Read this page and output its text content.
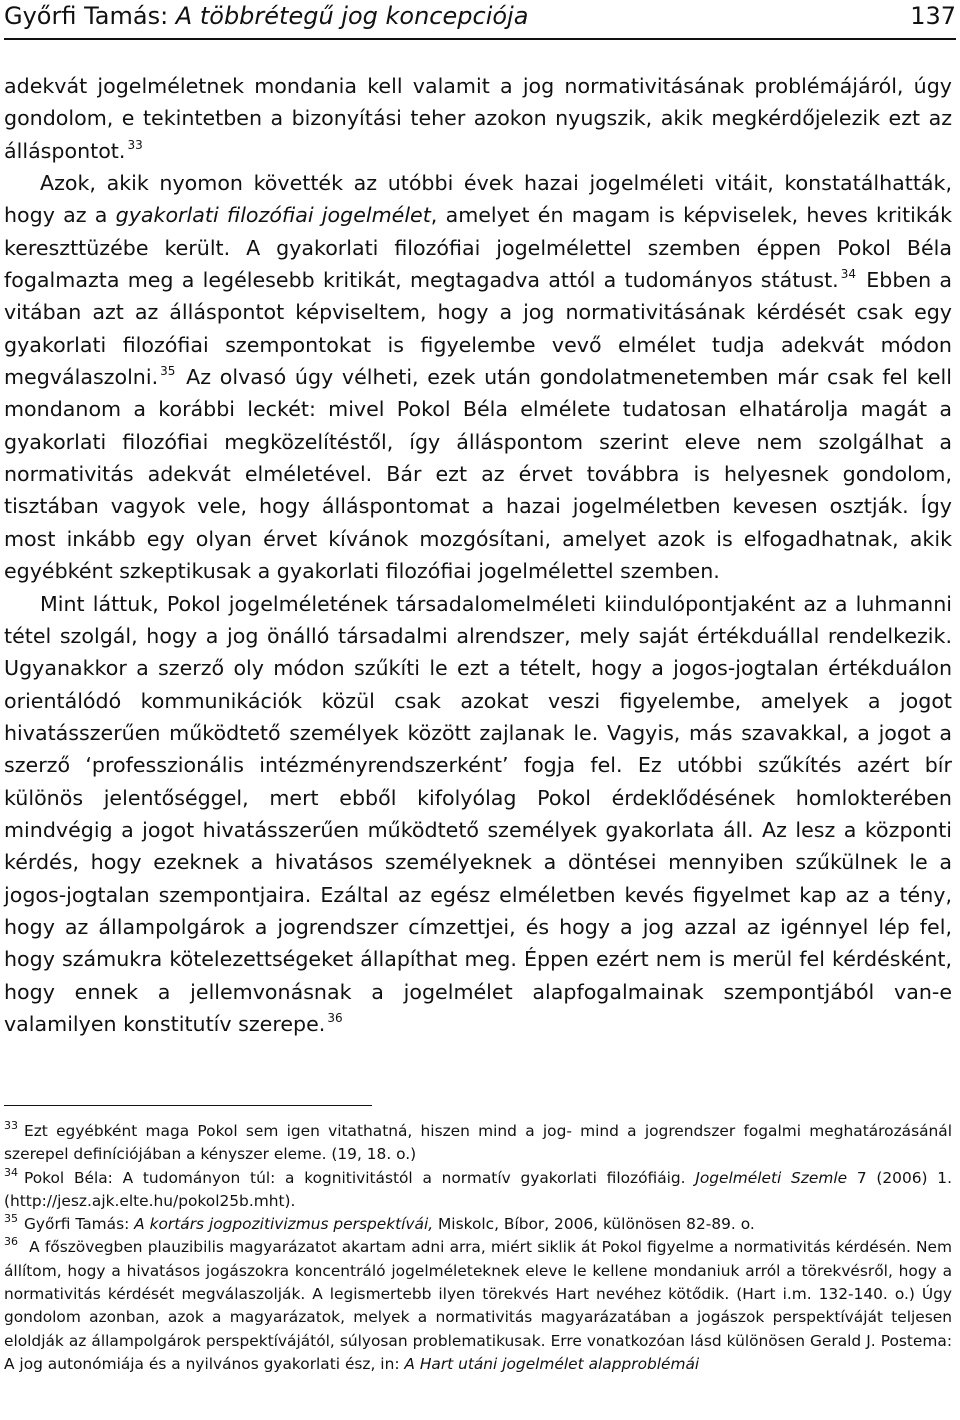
Győrfi Tamás: A többrétegű jog koncepciója	137

adekvát jogelméletnek mondania kell valamit a jog normativitásának problémájáról, úgy gondolom, e tekintetben a bizonyítási teher azokon nyugszik, akik megkérdőjelezik ezt az álláspontot. $^{33}$

Azok, akik nyomon követték az utóbbi évek hazai jogelméleti vitáit, konstatálhatták, hogy az a gyakorlati filozófiai jogelmélet, amelyet én magam is képviselek, heves kritikák kereszttüzébe került. A gyakorlati filozófiai jogelmélettel szemben éppen Pokol Béla fogalmazta meg a legélesebb kritikát, megtagadva attól a tudományos státust. $^{34}$ Ebben a vitában azt az álláspontot képviseltem, hogy a jog normativitásának kérdését csak egy gyakorlati filozófiai szempontokat is figyelembe vevő elmélet tudja adekvát módon megválaszolni. $^{35}$ Az olvasó úgy vélheti, ezek után gondolatmenetemben már csak fel kell mondanom a korábbi leckét: mivel Pokol Béla elmélete tudatosan elhatárolja magát a gyakorlati filozófiai megközelítéstől, így álláspontom szerint eleve nem szolgálhat a normativitás adekvát elméletével. Bár ezt az érvet továbbra is helyesnek gondolom, tisztában vagyok vele, hogy álláspontomat a hazai jogelméletben kevesen osztják. Így most inkább egy olyan érvet kívánok mozgósítani, amelyet azok is elfogadhatnak, akik egyébként szkeptikusak a gyakorlati filozófiai jogelmélettel szemben.

Mint láttuk, Pokol jogelméletének társadalomelméleti kiindulópontjaként az a luhmanni tétel szolgál, hogy a jog önálló társadalmi alrendszer, mely saját értékduállal rendelkezik. Ugyanakkor a szerző oly módon szűkíti le ezt a tételt, hogy a jogos-jogtalan értékduálon orientálódó kommunikációk közül csak azokat veszi figyelembe, amelyek a jogot hivatásszerűen működtető személyek között zajlanak le. Vagyis, más szavakkal, a jogot a szerző ‘professzionális intézményrendszerként’ fogja fel. Ez utóbbi szűkítés azért bír különös jelentőséggel, mert ebből kifolyólag Pokol érdeklődésének homlokterében mindvégig a jogot hivatásszerűen működtető személyek gyakorlata áll. Az lesz a központi kérdés, hogy ezeknek a hivatásos személyeknek a döntései mennyiben szűkülnek le a jogos-jogtalan szempontjaira. Ezáltal az egész elméletben kevés figyelmet kap az a tény, hogy az állampolgárok a jogrendszer címzettjei, és hogy a jog azzal az igénnyel lép fel, hogy számukra kötelezettségeket állapíthat meg. Éppen ezért nem is merül fel kérdésként, hogy ennek a jellemvonásnak a jogelmélet alapfogalmainak szempontjából van-e valamilyen konstitutív szerepe. $^{36}$

33 Ezt egyébként maga Pokol sem igen vitathatná, hiszen mind a jog- mind a jogrendszer fogalmi meghatározásánál szerepel definíciójában a kényszer eleme. (19, 18. o.)

34 Pokol Béla: A tudományon túl: a kognitivitástól a normatív gyakorlati filozófiáig. Jogelméleti Szemle 7 (2006) 1. (http://jesz.ajk.elte.hu/pokol25b.mht).

35 Győrfi Tamás: A kortárs jogpozitivizmus perspektívái, Miskolc, Bíbor, 2006, különösen 82-89. o.

36 A főszövegben plauzibilis magyarázatot akartam adni arra, miért siklik át Pokol figyelme a normativitás kérdésén. Nem állítom, hogy a hivatásos jogászokra koncentráló jogelméleteknek eleve le kellene mondaniuk arról a törekvésről, hogy a normativitás kérdését megválaszolják. A legismertebb ilyen törekvés Hart nevéhez kötődik. (Hart i.m. 132-140. o.) Úgy gondolom azonban, azok a magyarázatok, melyek a normativitás magyarázatában a jogászok perspektíváját teljesen eloldják az állampolgárok perspektívájától, súlyosan problematikusak. Erre vonatkozóan lásd különösen Gerald J. Postema: A jog autonómiája és a nyilvános gyakorlati ész, in: A Hart utáni jogelmélet alapproblémái
